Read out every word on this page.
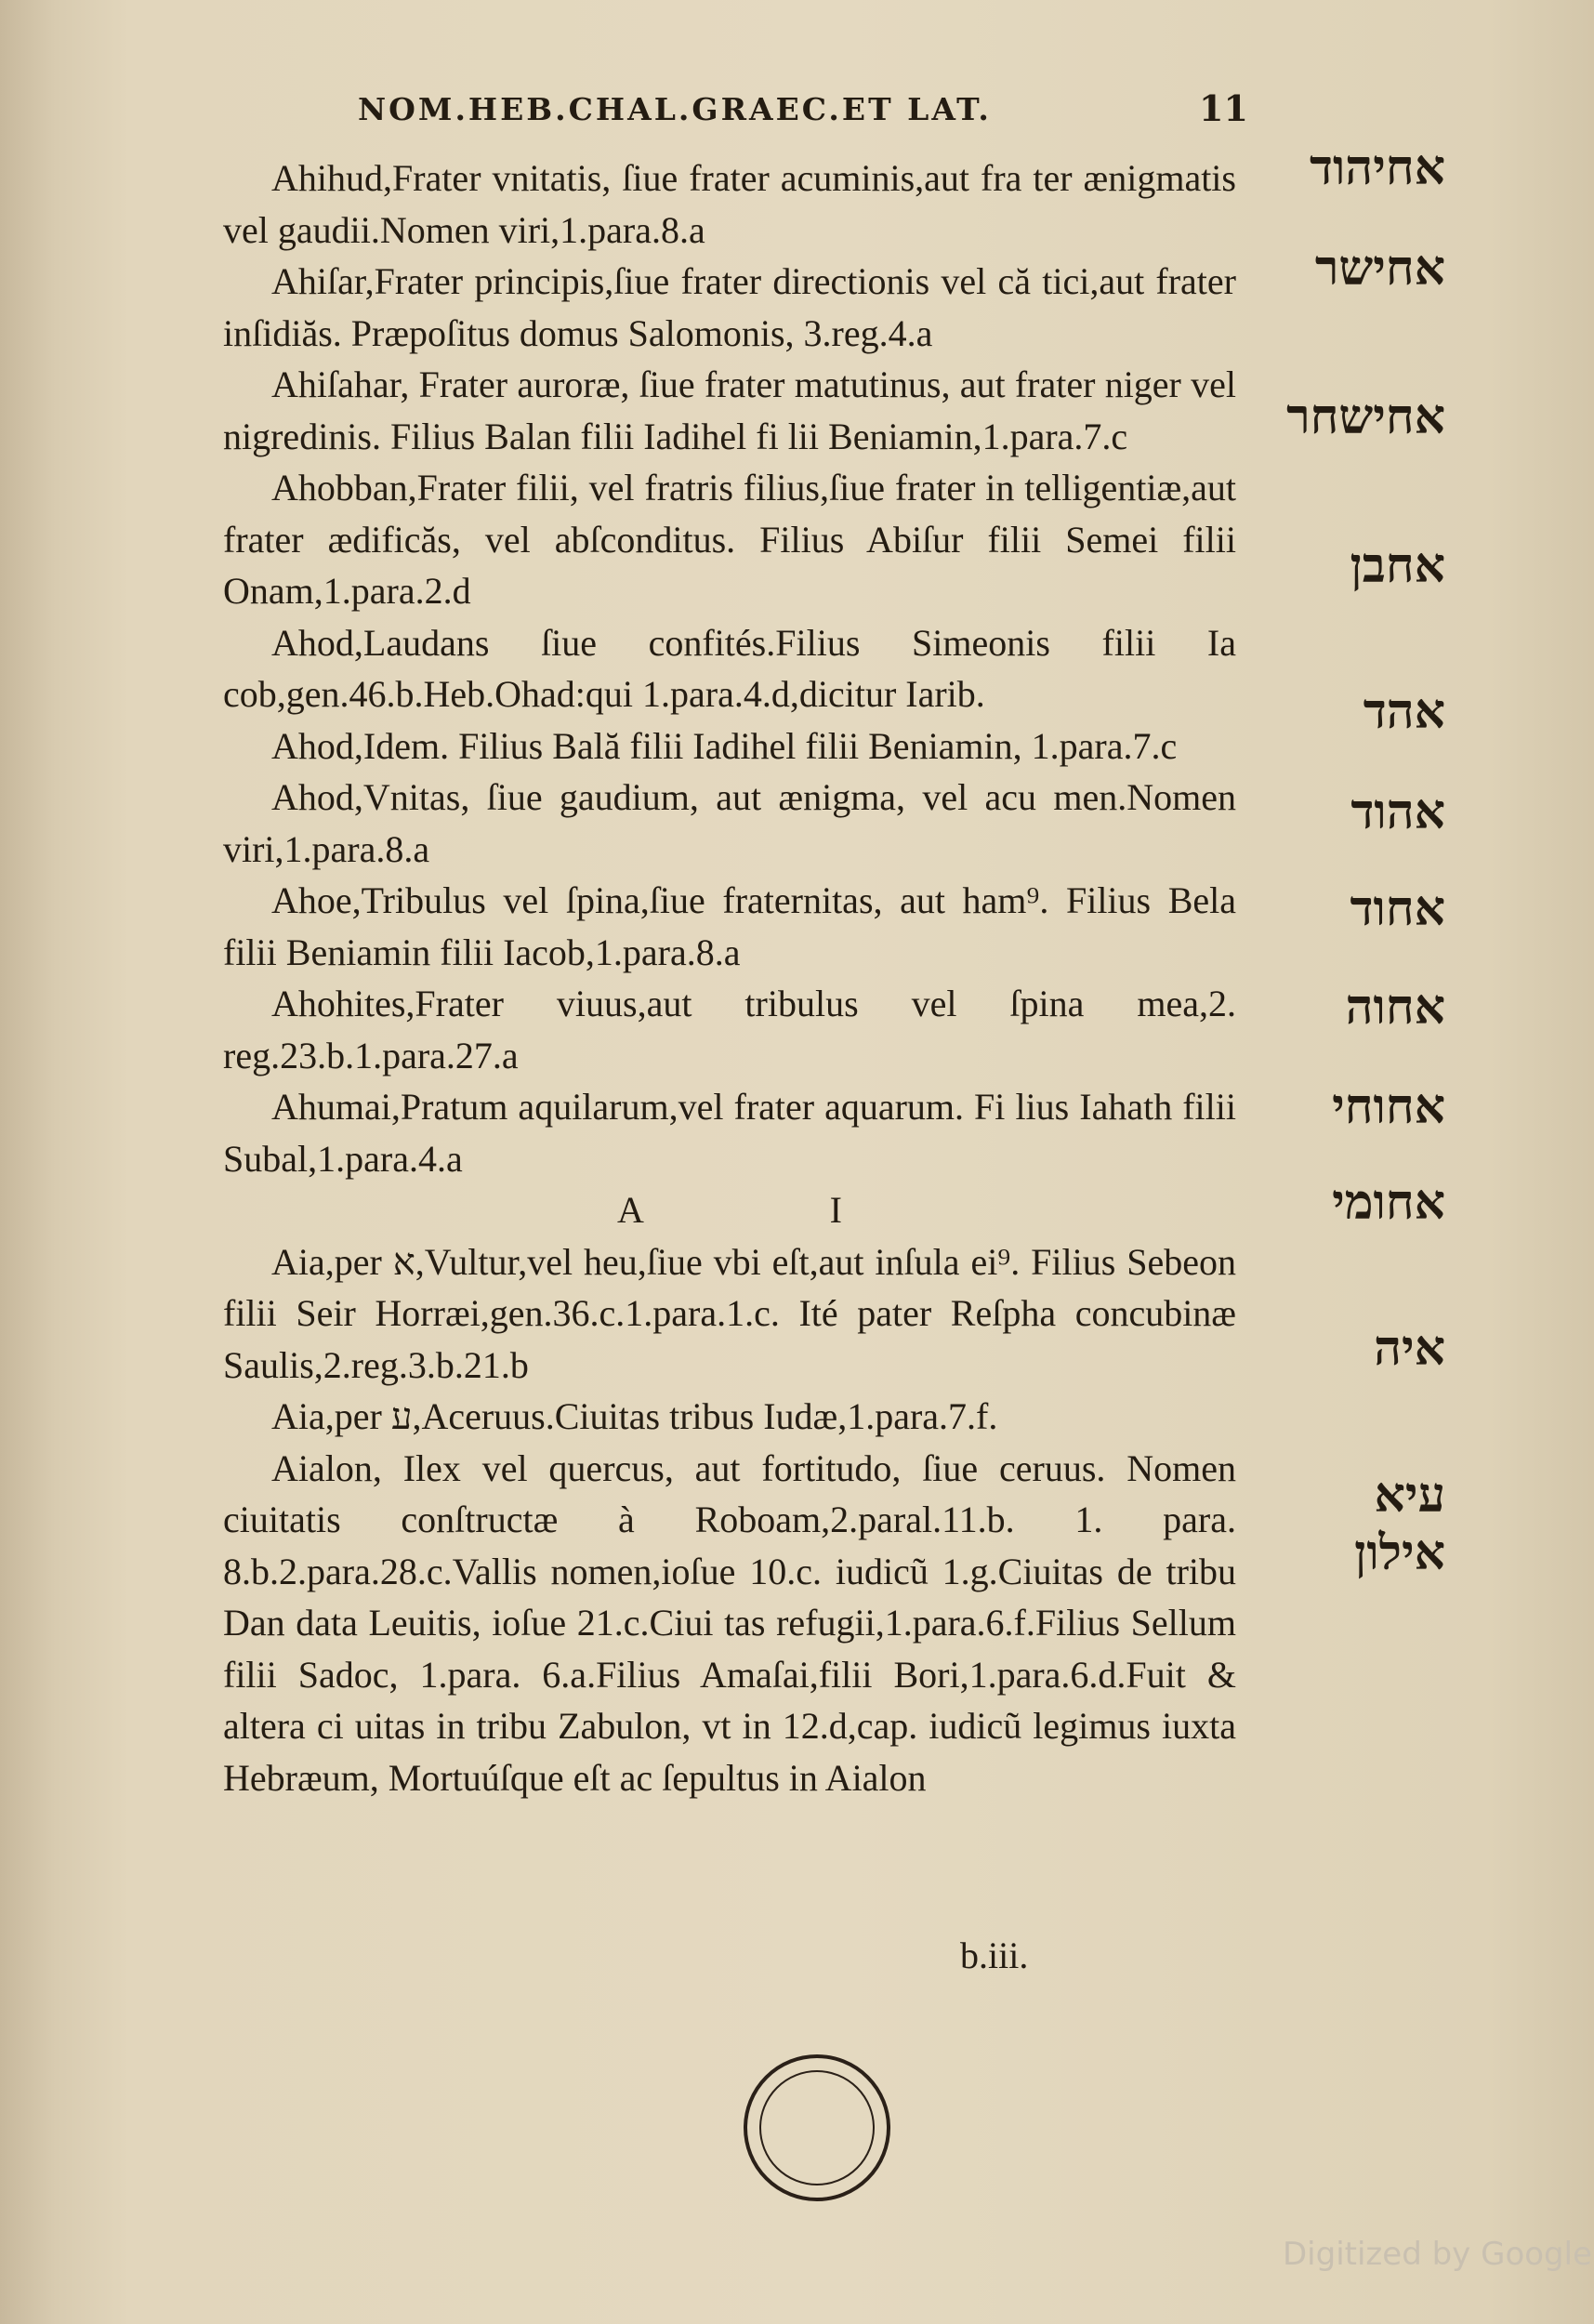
NOM.HEB.CHAL.GRAEC.ET LAT.	11
אחיהוד
אחישר
אחישחר
אחבן
אהד
אהוד
אחוד
אחוה
אחוחי
אחומי
איה
עיא
אילון

Ahihud,Frater vnitatis, ſiue frater acuminis,aut fra ter ænigmatis vel gaudii.Nomen viri,1.para.8.a

Ahiſar,Frater principis,ſiue frater directionis vel că tici,aut frater inſidiăs. Præpoſitus domus Salomonis, 3.reg.4.a

Ahiſahar, Frater auroræ, ſiue frater matutinus, aut frater niger vel nigredinis. Filius Balan filii Iadihel fi lii Beniamin,1.para.7.c

Ahobban,Frater filii, vel fratris filius,ſiue frater in telligentiæ,aut frater ædificăs, vel abſconditus. Filius Abiſur filii Semei filii Onam,1.para.2.d

Ahod,Laudans ſiue confités.Filius Simeonis filii Ia cob,gen.46.b.Heb.Ohad:qui 1.para.4.d,dicitur Iarib.

Ahod,Idem. Filius Bală filii Iadihel filii Beniamin, 1.para.7.c

Ahod,Vnitas, ſiue gaudium, aut ænigma, vel acu men.Nomen viri,1.para.8.a

Ahoe,Tribulus vel ſpina,ſiue fraternitas, aut ham⁹. Filius Bela filii Beniamin filii Iacob,1.para.8.a

Ahohites,Frater viuus,aut tribulus vel ſpina mea,2. reg.23.b.1.para.27.a

Ahumai,Pratum aquilarum,vel frater aquarum. Fi lius Iahath filii Subal,1.para.4.a

A I

Aia,per א,Vultur,vel heu,ſiue vbi eſt,aut inſula ei⁹. Filius Sebeon filii Seir Horræi,gen.36.c.1.para.1.c. Ité pater Reſpha concubinæ Saulis,2.reg.3.b.21.b

Aia,per ע,Aceruus.Ciuitas tribus Iudæ,1.para.7.f.

Aialon, Ilex vel quercus, aut fortitudo, ſiue ceruus. Nomen ciuitatis conſtructæ à Roboam,2.paral.11.b. 1. para. 8.b.2.para.28.c.Vallis nomen,ioſue 10.c. iudicũ 1.g.Ciuitas de tribu Dan data Leuitis, ioſue 21.c.Ciui tas refugii,1.para.6.f.Filius Sellum filii Sadoc, 1.para. 6.a.Filius Amaſai,filii Bori,1.para.6.d.Fuit & altera ci uitas in tribu Zabulon, vt in 12.d,cap. iudicũ legimus iuxta Hebræum, Mortuúſque eſt ac ſepultus in Aialon

b.iii.
Digitized by Google
